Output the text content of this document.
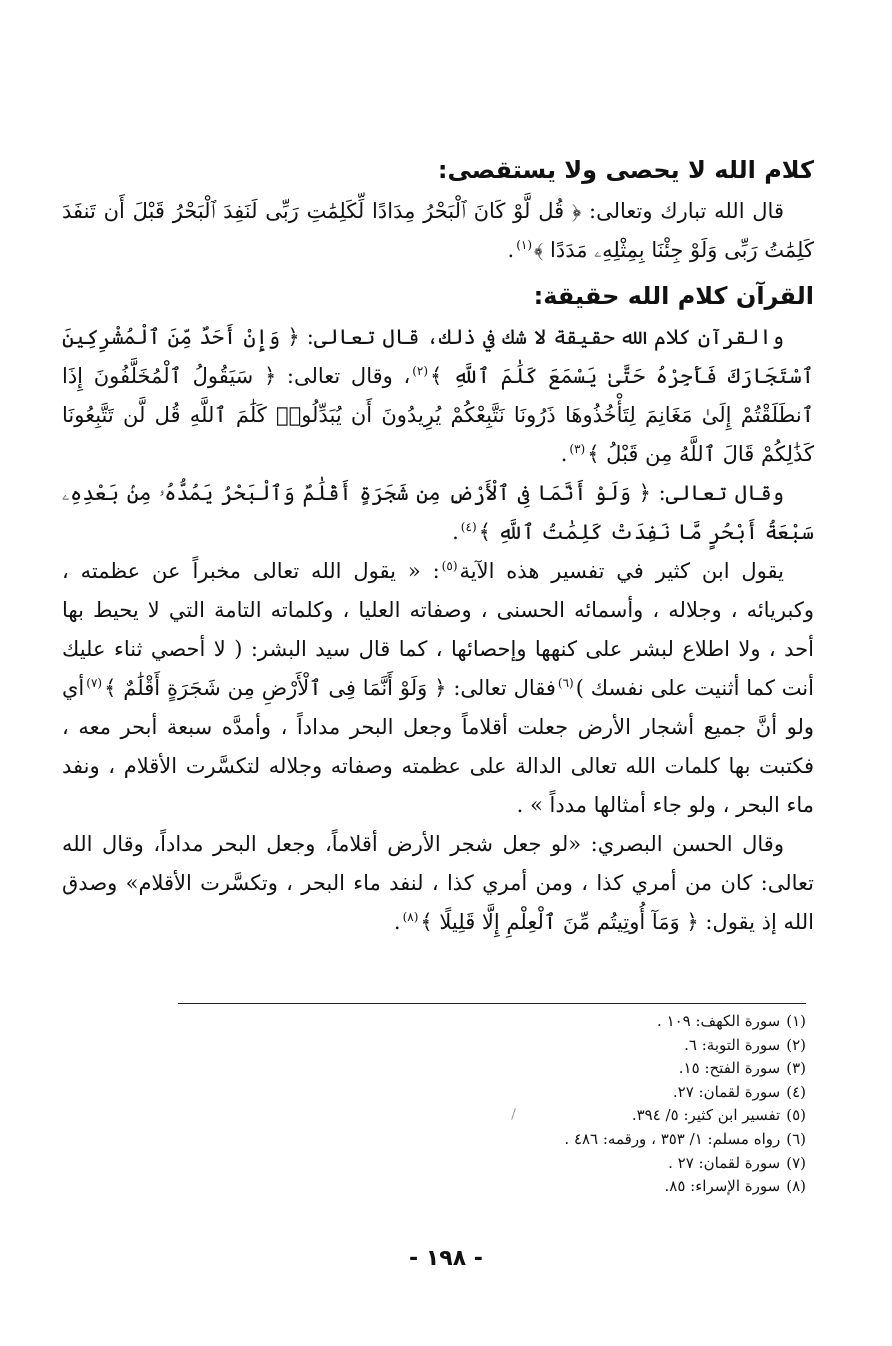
كلام الله لا يحصى ولا يستقصى:

قال الله تبارك وتعالى: ﴿ قُل لَّوْ كَانَ ٱلْبَحْرُ مِدَادًا لِّكَلِمَٰتِ رَبِّى لَنَفِدَ ٱلْبَحْرُ قَبْلَ أَن تَنفَدَ كَلِمَٰتُ رَبِّى وَلَوْ جِئْنَا بِمِثْلِهِۦ مَدَدًا ﴾$^{(١)}$.

القرآن كلام الله حقيقة:

والقرآن كلام الله حقيقة لا شك في ذلك، قال تعالى: ﴿ وَإِنْ أَحَدٌ مِّنَ ٱلْمُشْرِكِينَ ٱسْتَجَارَكَ فَأَجِرْهُ حَتَّىٰ يَسْمَعَ كَلَٰمَ ٱللَّهِ ﴾$^{(٢)}$، وقال تعالى: ﴿ سَيَقُولُ ٱلْمُخَلَّفُونَ إِذَا ٱنطَلَقْتُمْ إِلَىٰ مَغَانِمَ لِتَأْخُذُوهَا ذَرُونَا نَتَّبِعْكُمْ يُرِيدُونَ أَن يُبَدِّلُوا۟ كَلَٰمَ ٱللَّهِ قُل لَّن تَتَّبِعُونَا كَذَٰلِكُمْ قَالَ ٱللَّهُ مِن قَبْلُ ﴾$^{(٣)}$.

وقال تعالى: ﴿ وَلَوْ أَنَّمَا فِى ٱلْأَرْضِ مِن شَجَرَةٍ أَقْلَٰمٌ وَٱلْبَحْرُ يَمُدُّهُۥ مِنۢ بَعْدِهِۦ سَبْعَةُ أَبْحُرٍ مَّا نَفِدَتْ كَلِمَٰتُ ٱللَّهِ ﴾$^{(٤)}$.

يقول ابن كثير في تفسير هذه الآية$^{(٥)}$: « يقول الله تعالى مخبراً عن عظمته ، وكبريائه ، وجلاله ، وأسمائه الحسنى ، وصفاته العليا ، وكلماته التامة التي لا يحيط بها أحد ، ولا اطلاع لبشر على كنهها وإحصائها ، كما قال سيد البشر: ( لا أحصي ثناء عليك أنت كما أثنيت على نفسك )$^{(٦)}$فقال تعالى: ﴿ وَلَوْ أَنَّمَا فِى ٱلْأَرْضِ مِن شَجَرَةٍ أَقْلَٰمٌ ﴾$^{(٧)}$أي ولو أنَّ جميع أشجار الأرض جعلت أقلاماً وجعل البحر مداداً ، وأمدَّه سبعة أبحر معه ، فكتبت بها كلمات الله تعالى الدالة على عظمته وصفاته وجلاله لتكسَّرت الأقلام ، ونفد ماء البحر ، ولو جاء أمثالها مدداً » .

وقال الحسن البصري: «لو جعل شجر الأرض أقلاماً، وجعل البحر مداداً، وقال الله تعالى: كان من أمري كذا ، ومن أمري كذا ، لنفد ماء البحر ، وتكسَّرت الأقلام» وصدق الله إذ يقول: ﴿ وَمَآ أُوتِيتُم مِّنَ ٱلْعِلْمِ إِلَّا قَلِيلًا ﴾$^{(٨)}$.

(١)سورة الكهف: ١٠٩ .
(٢)سورة التوبة: ٦.
(٣)سورة الفتح: ١٥.
(٤)سورة لقمان: ٢٧.
(٥)تفسير ابن كثير: ٥/ ٣٩٤.
(٦)رواه مسلم: ١/ ٣٥٣ ، ورقمه: ٤٨٦ .
(٧)سورة لقمان: ٢٧ .
(٨)سورة الإسراء: ٨٥.
- ١٩٨ -
